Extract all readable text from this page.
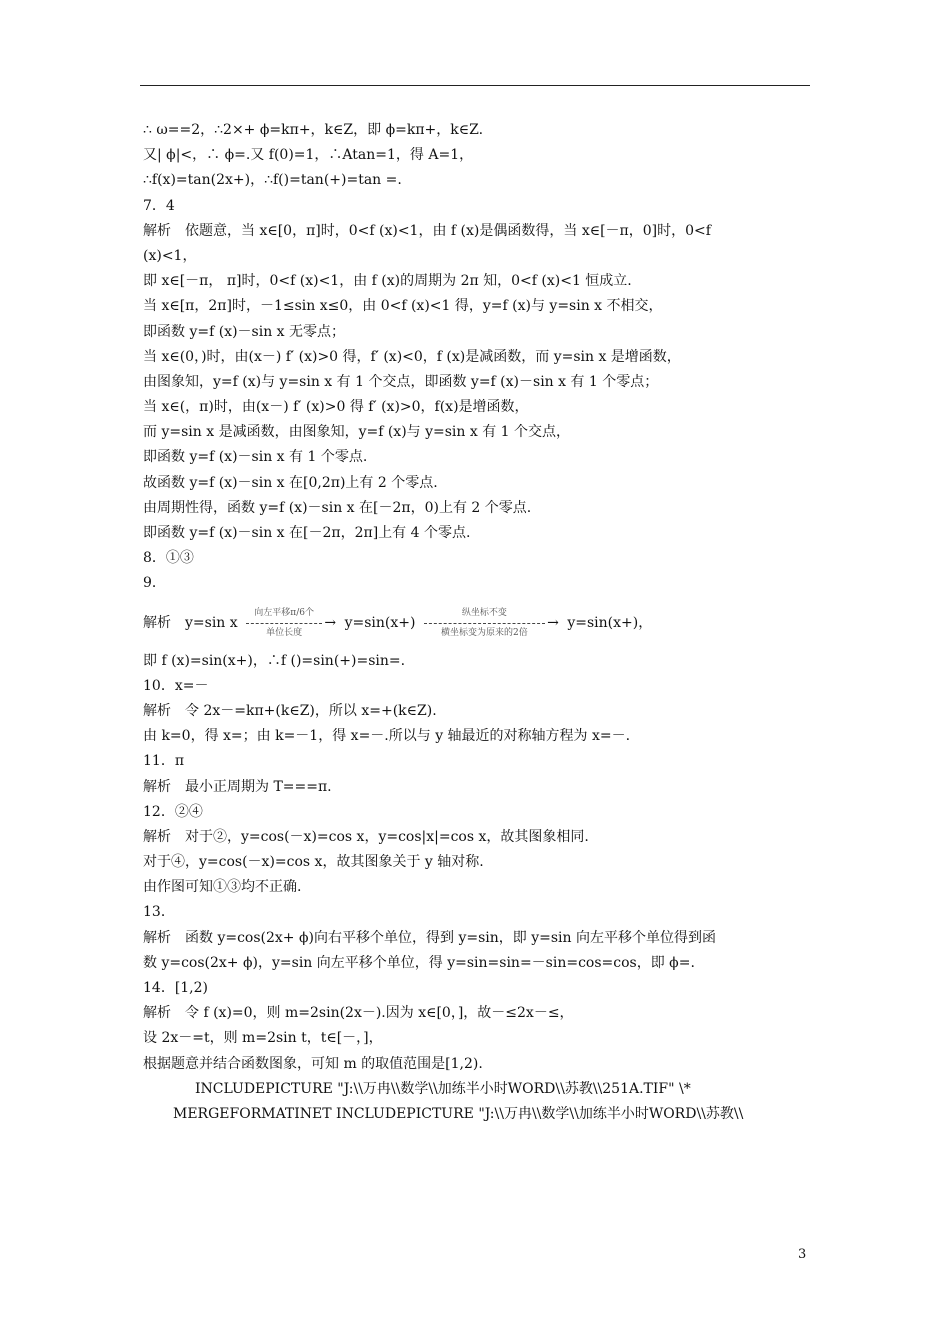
∴ ω==2，∴2×+ ϕ=kπ+，k∈Z，即 ϕ=kπ+，k∈Z.
又| ϕ|<，∴ ϕ=.又 f(0)=1，∴Atan=1，得 A=1，
∴f(x)=tan(2x+)，∴f()=tan(+)=tan =.
7．4
解析　依题意，当 x∈[0，π]时，0<f (x)<1，由 f (x)是偶函数得，当 x∈[－π，0]时，0<f
(x)<1，
即 x∈[－π， π]时，0<f (x)<1，由 f (x)的周期为 2π 知，0<f (x)<1 恒成立.
当 x∈[π，2π]时，－1≤sin x≤0，由 0<f (x)<1 得，y=f (x)与 y=sin x 不相交，
即函数 y=f (x)－sin x 无零点；
当 x∈(0，)时，由(x－) f′ (x)>0 得，f′ (x)<0，f (x)是减函数，而 y=sin x 是增函数，
由图象知，y=f (x)与 y=sin x 有 1 个交点，即函数 y=f (x)－sin x 有 1 个零点；
当 x∈(，π)时，由(x－) f′ (x)>0 得 f′ (x)>0，f(x)是增函数，
而 y=sin x 是减函数，由图象知，y=f (x)与 y=sin x 有 1 个交点，
即函数 y=f (x)－sin x 有 1 个零点.
故函数 y=f (x)－sin x 在[0,2π)上有 2 个零点.
由周期性得，函数 y=f (x)－sin x 在[－2π，0)上有 2 个零点.
即函数 y=f (x)－sin x 在[－2π，2π]上有 4 个零点.
8．①③
9．
解析　y=sin x
向左平移π/6个
→
单位长度
y=sin(x+)
纵坐标不变
→
横坐标变为原来的2倍
y=sin(x+)，
即 f (x)=sin(x+)，∴f ()=sin(+)=sin=.
10．x=－
解析　令 2x－=kπ+(k∈Z)，所以 x=+(k∈Z).
由 k=0，得 x=；由 k=－1，得 x=－.所以与 y 轴最近的对称轴方程为 x=－.
11．π
解析　最小正周期为 T===π.
12．②④
解析　对于②，y=cos(－x)=cos x，y=cos|x|=cos x，故其图象相同.
对于④，y=cos(－x)=cos x，故其图象关于 y 轴对称.
由作图可知①③均不正确.
13．
解析　函数 y=cos(2x+ ϕ)向右平移个单位，得到 y=sin，即 y=sin 向左平移个单位得到函
数 y=cos(2x+ ϕ)，y=sin 向左平移个单位，得 y=sin=sin=－sin=cos=cos，即 ϕ=.
14．[1,2)
解析　令 f (x)=0，则 m=2sin(2x－).因为 x∈[0，]，故－≤2x－≤，
设 2x－=t，则 m=2sin t，t∈[－，]，
根据题意并结合函数图象，可知 m 的取值范围是[1,2).
INCLUDEPICTURE "J:\\万冉\\数学\\加练半小时WORD\\苏教\\251A.TIF" \*
MERGEFORMATINET INCLUDEPICTURE "J:\\万冉\\数学\\加练半小时WORD\\苏教\\
3
